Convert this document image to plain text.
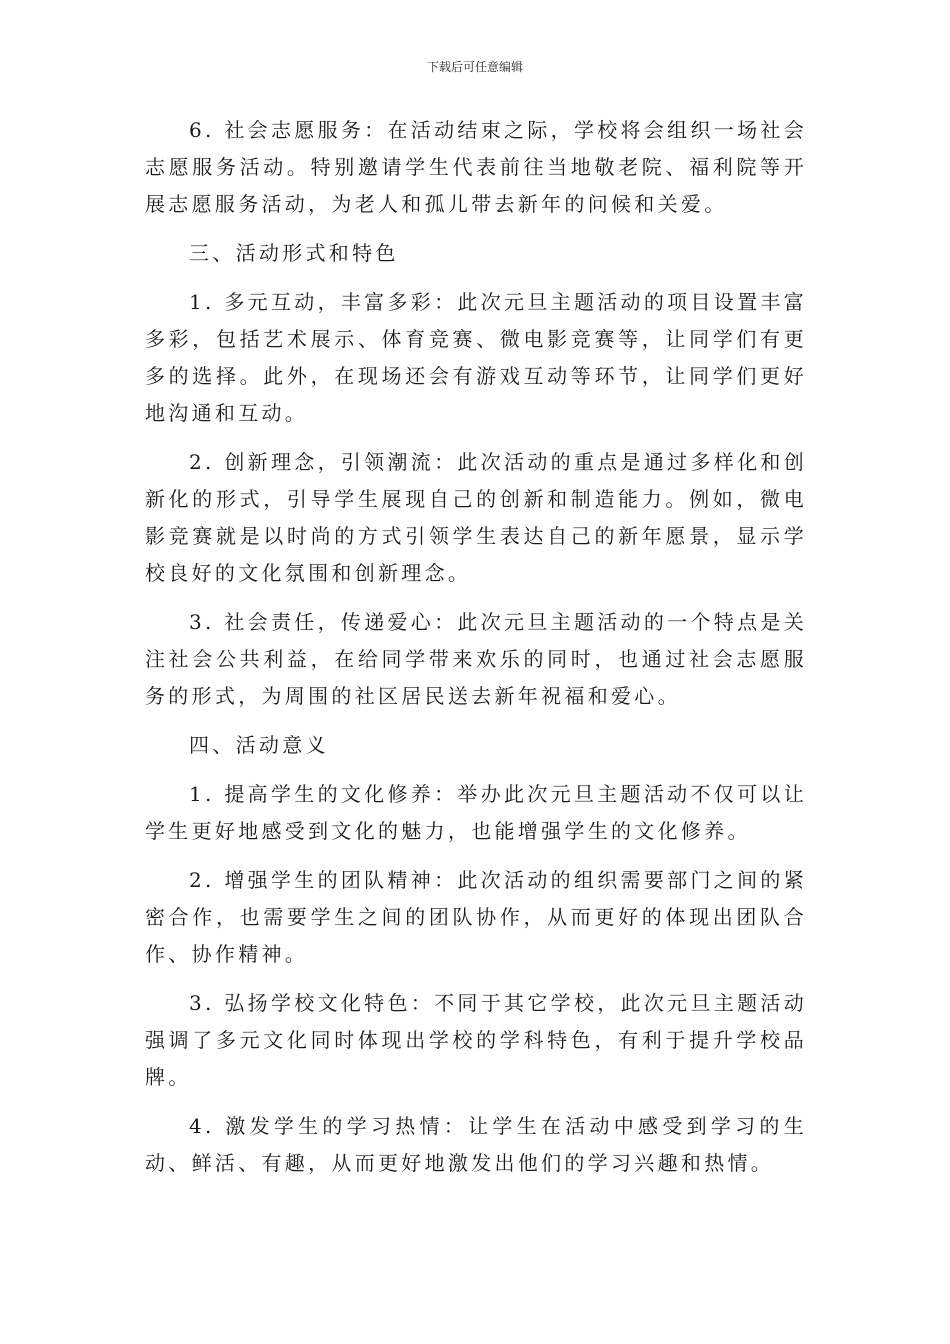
下载后可任意编辑

6. 社会志愿服务：在活动结束之际，学校将会组织一场社会志愿服务活动。特别邀请学生代表前往当地敬老院、福利院等开展志愿服务活动，为老人和孤儿带去新年的问候和关爱。

三、活动形式和特色

1. 多元互动，丰富多彩：此次元旦主题活动的项目设置丰富多彩，包括艺术展示、体育竞赛、微电影竞赛等，让同学们有更多的选择。此外，在现场还会有游戏互动等环节，让同学们更好地沟通和互动。

2. 创新理念，引领潮流：此次活动的重点是通过多样化和创新化的形式，引导学生展现自己的创新和制造能力。例如，微电影竞赛就是以时尚的方式引领学生表达自己的新年愿景，显示学校良好的文化氛围和创新理念。

3. 社会责任，传递爱心：此次元旦主题活动的一个特点是关注社会公共利益，在给同学带来欢乐的同时，也通过社会志愿服务的形式，为周围的社区居民送去新年祝福和爱心。

四、活动意义

1. 提高学生的文化修养：举办此次元旦主题活动不仅可以让学生更好地感受到文化的魅力，也能增强学生的文化修养。

2. 增强学生的团队精神：此次活动的组织需要部门之间的紧密合作，也需要学生之间的团队协作，从而更好的体现出团队合作、协作精神。

3. 弘扬学校文化特色：不同于其它学校，此次元旦主题活动强调了多元文化同时体现出学校的学科特色，有利于提升学校品牌。

4. 激发学生的学习热情：让学生在活动中感受到学习的生动、鲜活、有趣，从而更好地激发出他们的学习兴趣和热情。
